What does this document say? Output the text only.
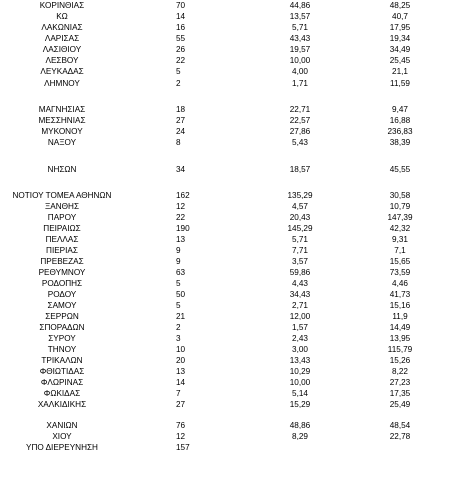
ΚΟΡΙΝΘΙΑΣ	70	44,86	48,25
ΚΩ	14	13,57	40,7
ΛΑΚΩΝΙΑΣ	16	5,71	17,95
ΛΑΡΙΣΑΣ	55	43,43	19,34
ΛΑΣΙΘΙΟΥ	26	19,57	34,49
ΛΕΣΒΟΥ	22	10,00	25,45
ΛΕΥΚΑΔΑΣ	5	4,00	21,1
ΛΗΜΝΟΥ	2	1,71	11,59
ΜΑΓΝΗΣΙΑΣ	18	22,71	9,47
ΜΕΣΣΗΝΙΑΣ	27	22,57	16,88
ΜΥΚΟΝΟΥ	24	27,86	236,83
ΝΑΞΟΥ	8	5,43	38,39
ΝΗΣΩΝ	34	18,57	45,55
ΝΟΤΙΟΥ ΤΟΜΕΑ ΑΘΗΝΩΝ	162	135,29	30,58
ΞΑΝΘΗΣ	12	4,57	10,79
ΠΑΡΟΥ	22	20,43	147,39
ΠΕΙΡΑΙΩΣ	190	145,29	42,32
ΠΕΛΛΑΣ	13	5,71	9,31
ΠΙΕΡΙΑΣ	9	7,71	7,1
ΠΡΕΒΕΖΑΣ	9	3,57	15,65
ΡΕΘΥΜΝΟΥ	63	59,86	73,59
ΡΟΔΟΠΗΣ	5	4,43	4,46
ΡΟΔΟΥ	50	34,43	41,73
ΣΑΜΟΥ	5	2,71	15,16
ΣΕΡΡΩΝ	21	12,00	11,9
ΣΠΟΡΑΔΩΝ	2	1,57	14,49
ΣΥΡΟΥ	3	2,43	13,95
ΤΗΝΟΥ	10	3,00	115,79
ΤΡΙΚΑΛΩΝ	20	13,43	15,26
ΦΘΙΩΤΙΔΑΣ	13	10,29	8,22
ΦΛΩΡΙΝΑΣ	14	10,00	27,23
ΦΩΚΙΔΑΣ	7	5,14	17,35
ΧΑΛΚΙΔΙΚΗΣ	27	15,29	25,49
ΧΑΝΙΩΝ	76	48,86	48,54
ΧΙΟΥ	12	8,29	22,78
ΥΠΟ ΔΙΕΡΕΥΝΗΣΗ	157
